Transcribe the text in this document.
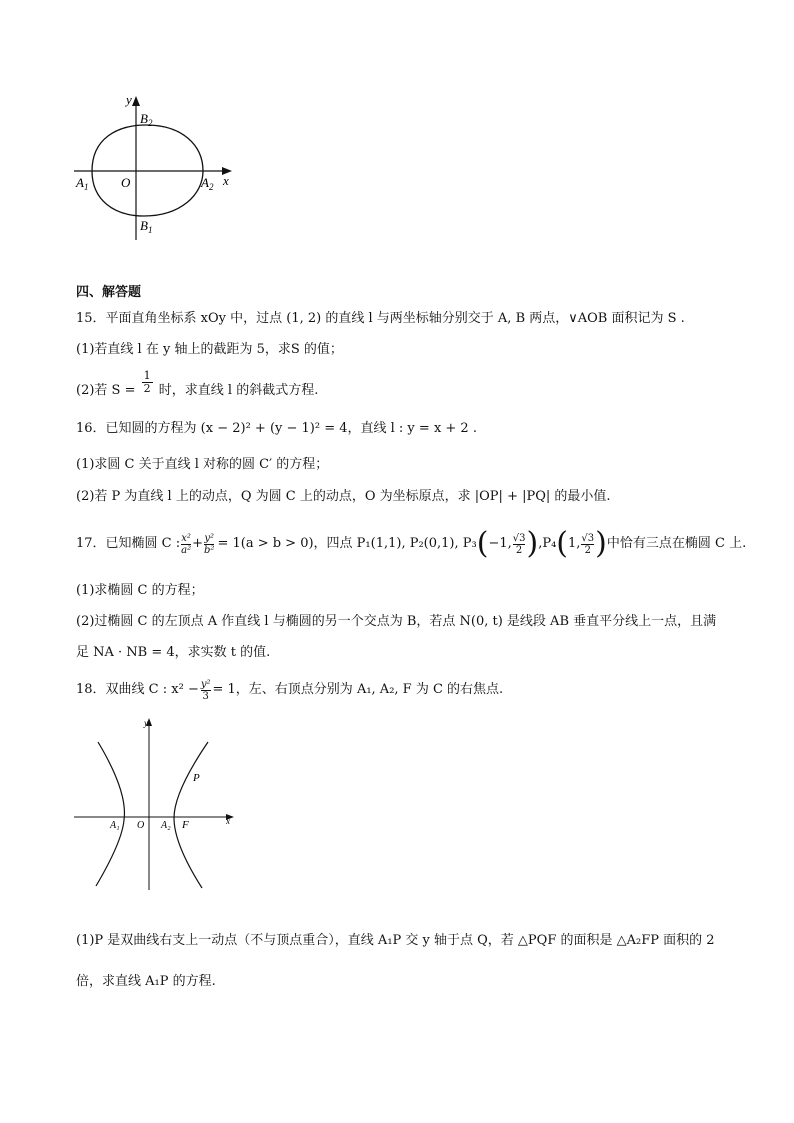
y
x
O
$A_1$	$A_2$
$B_2$
$B_1$
四、解答题
15．平面直角坐标系 xOy 中，过点 (1, 2) 的直线 l 与两坐标轴分别交于 A, B 两点，∨AOB 面积记为 S .
(1)若直线 l 在 y 轴上的截距为 5，求S 的值；
(2)若 $S = \frac{1}{2}$ 时，求直线 l 的斜截式方程.
16．已知圆的方程为 (x − 2)² + (y − 1)² = 4，直线 l : y = x + 2 .
(1)求圆 C 关于直线 l 对称的圆 C′ 的方程；
(2)若 P 为直线 l 上的动点，Q 为圆 C 上的动点，O 为坐标原点，求 |OP| + |PQ| 的最小值.
17．已知椭圆 C : x²
$a^2 + \frac{\text{y²}}{\text{b²}} = 1(a > b > 0)$，四点 P₁(1,1), P₂(0,1), P₃ ( −1, √3
2 ) ,P₄ ( 1, √3
2 ) 中恰有三点在椭圆 C 上.
(1)求椭圆 C 的方程；
(2)过椭圆 C 的左顶点 A 作直线 l 与椭圆的另一个交点为 B，若点 N(0, t) 是线段 AB 垂直平分线上一点，且满
足 NA · NB = 4，求实数 t 的值.
18．双曲线 C : $x^2 - \frac{\text{y²}}{3} = 1$，左、右顶点分别为 A₁, A₂, F 为 C 的右焦点.
y
x
O
A₁	A₂ F
P
(1)P 是双曲线右支上一动点（不与顶点重合），直线 A₁P 交 y 轴于点 Q，若 △PQF 的面积是 △A₂FP 面积的 2
倍，求直线 A₁P 的方程.
